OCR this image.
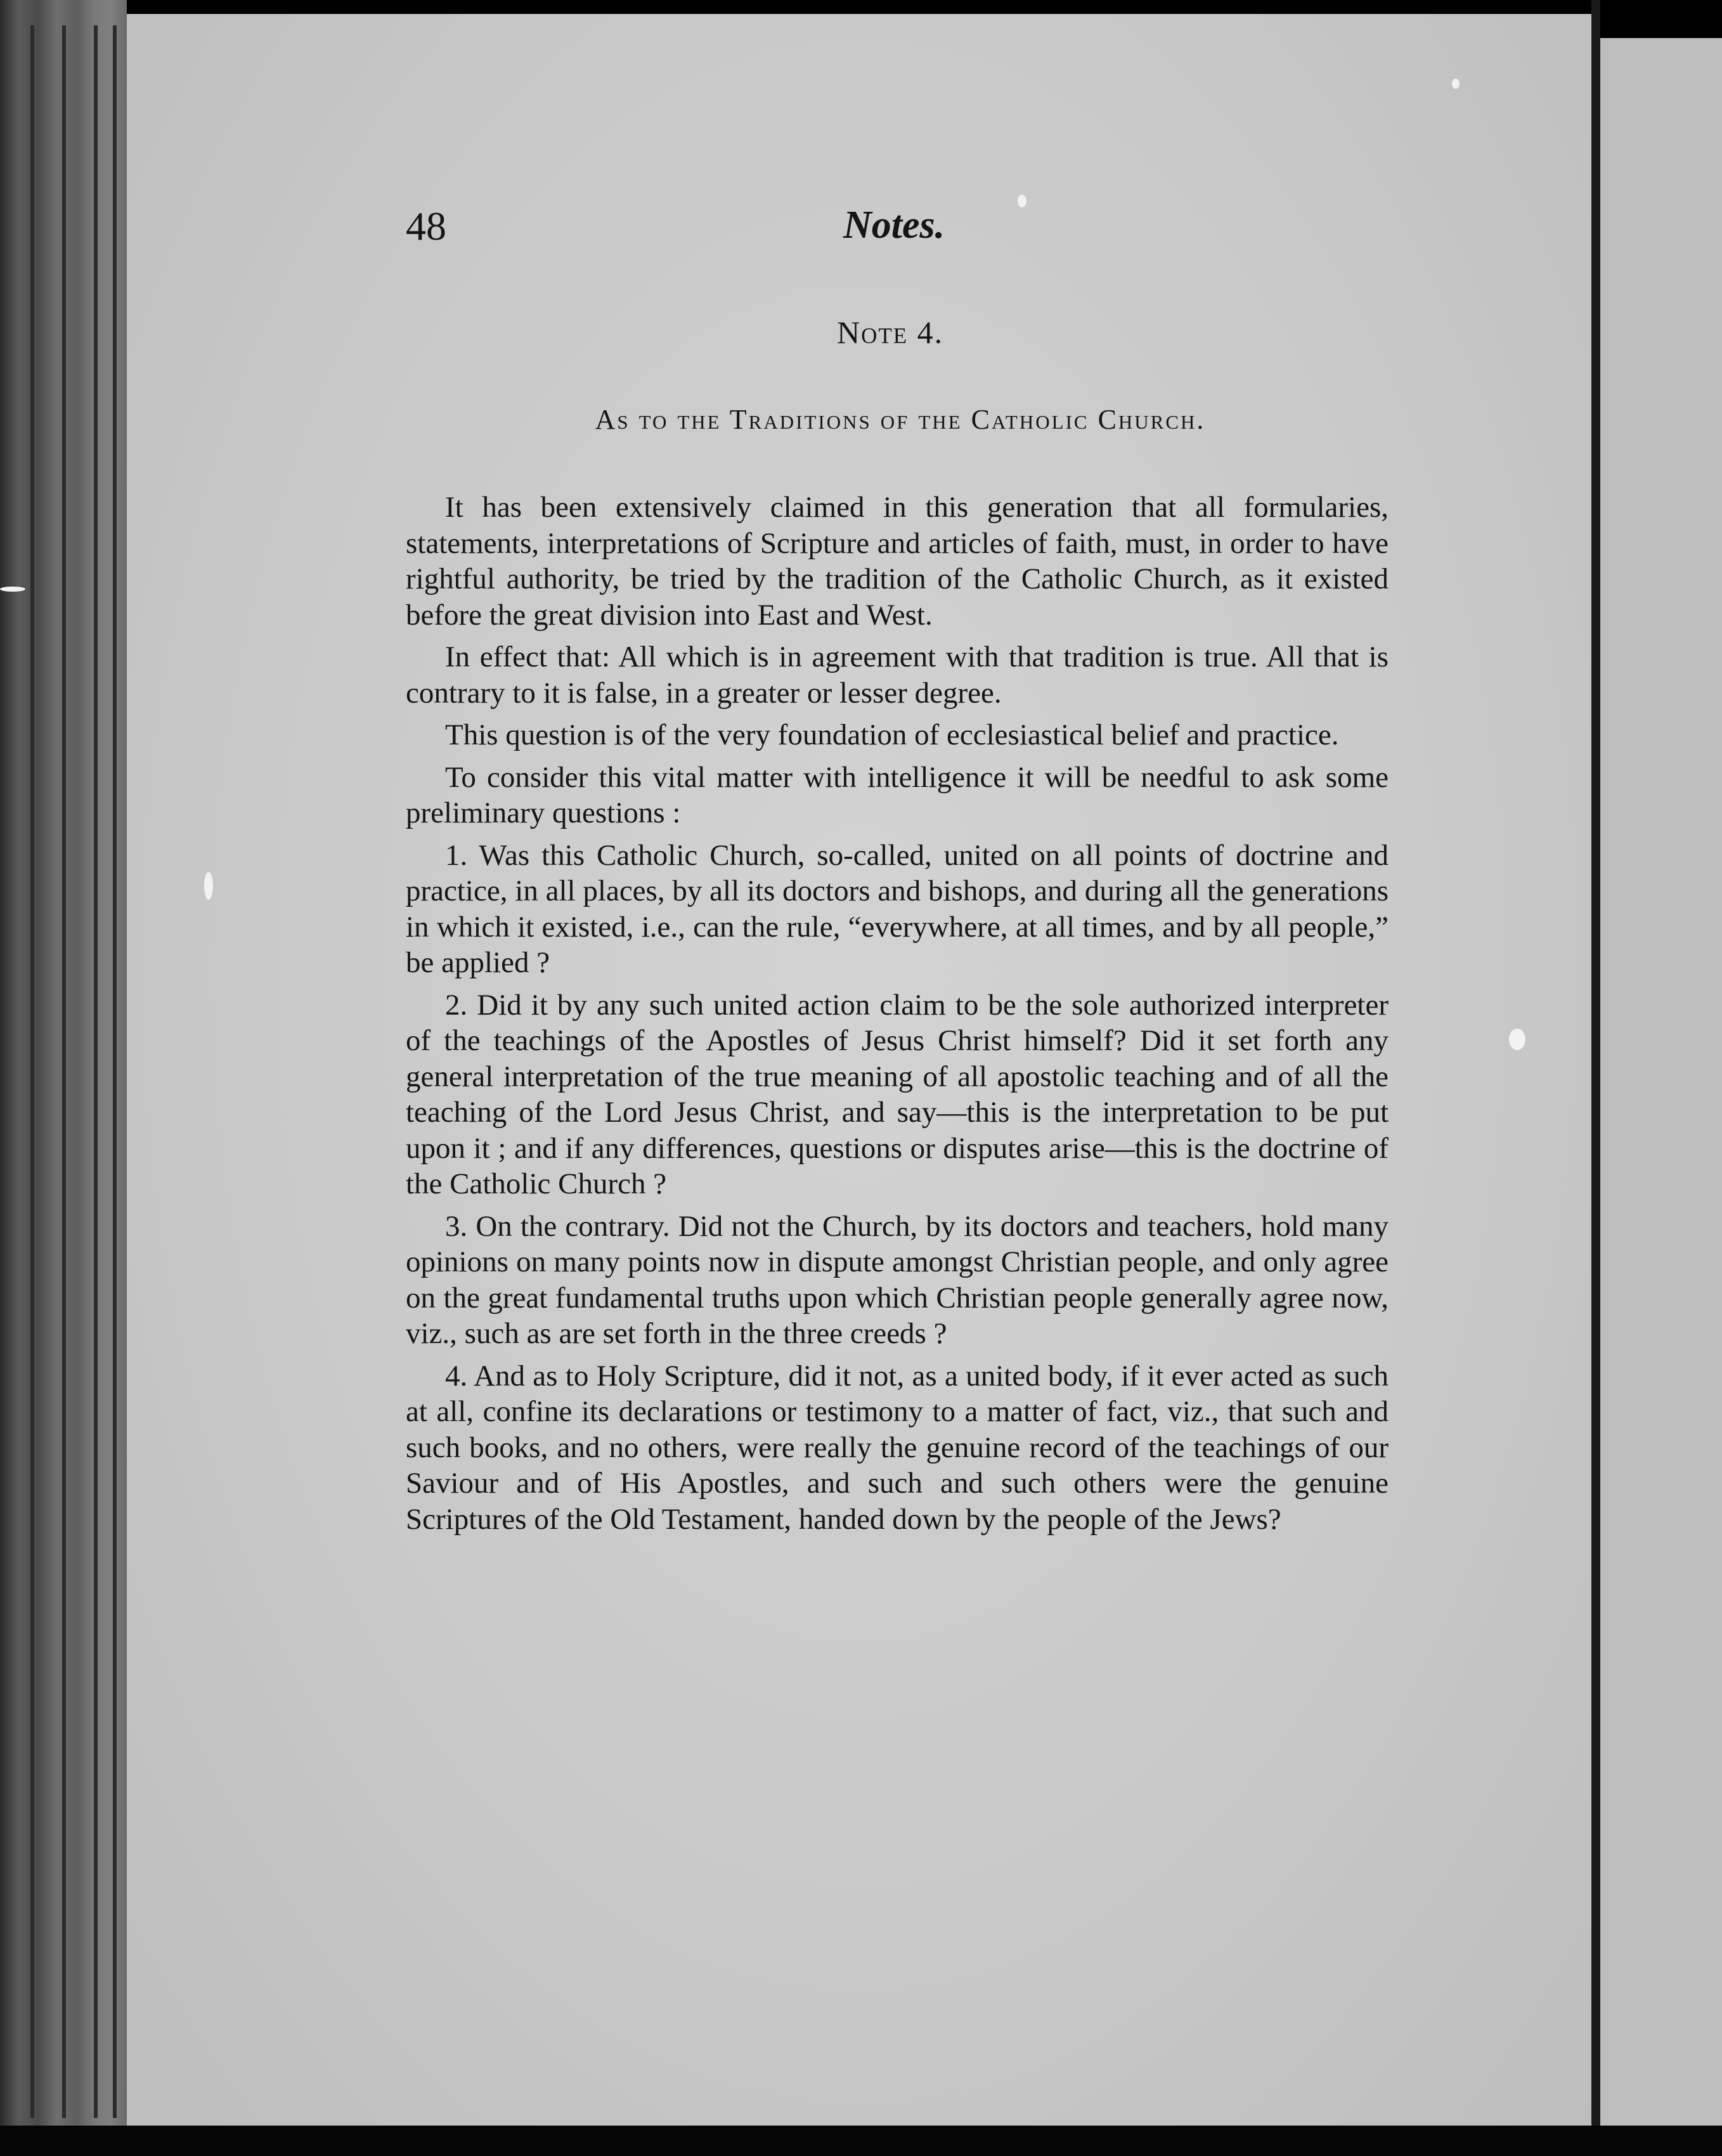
48	Notes.
Note 4.
As to the Traditions of the Catholic Church.

It has been extensively claimed in this generation that all formularies, statements, interpretations of Scripture and articles of faith, must, in order to have rightful authority, be tried by the tradition of the Catholic Church, as it existed before the great division into East and West.

In effect that: All which is in agreement with that tradition is true. All that is contrary to it is false, in a greater or lesser degree.

This question is of the very foundation of ecclesiastical belief and practice.

To consider this vital matter with intelligence it will be needful to ask some preliminary questions :

1. Was this Catholic Church, so-called, united on all points of doctrine and practice, in all places, by all its doctors and bishops, and during all the generations in which it existed, i.e., can the rule, “everywhere, at all times, and by all people,” be applied ?

2. Did it by any such united action claim to be the sole authorized interpreter of the teachings of the Apostles of Jesus Christ himself? Did it set forth any general interpretation of the true meaning of all apostolic teaching and of all the teaching of the Lord Jesus Christ, and say—this is the interpretation to be put upon it ; and if any differences, questions or disputes arise—this is the doctrine of the Catholic Church ?

3. On the contrary. Did not the Church, by its doctors and teachers, hold many opinions on many points now in dispute amongst Christian people, and only agree on the great fundamental truths upon which Christian people generally agree now, viz., such as are set forth in the three creeds ?

4. And as to Holy Scripture, did it not, as a united body, if it ever acted as such at all, confine its declarations or testimony to a matter of fact, viz., that such and such books, and no others, were really the genuine record of the teachings of our Saviour and of His Apostles, and such and such others were the genuine Scriptures of the Old Testament, handed down by the people of the Jews?
